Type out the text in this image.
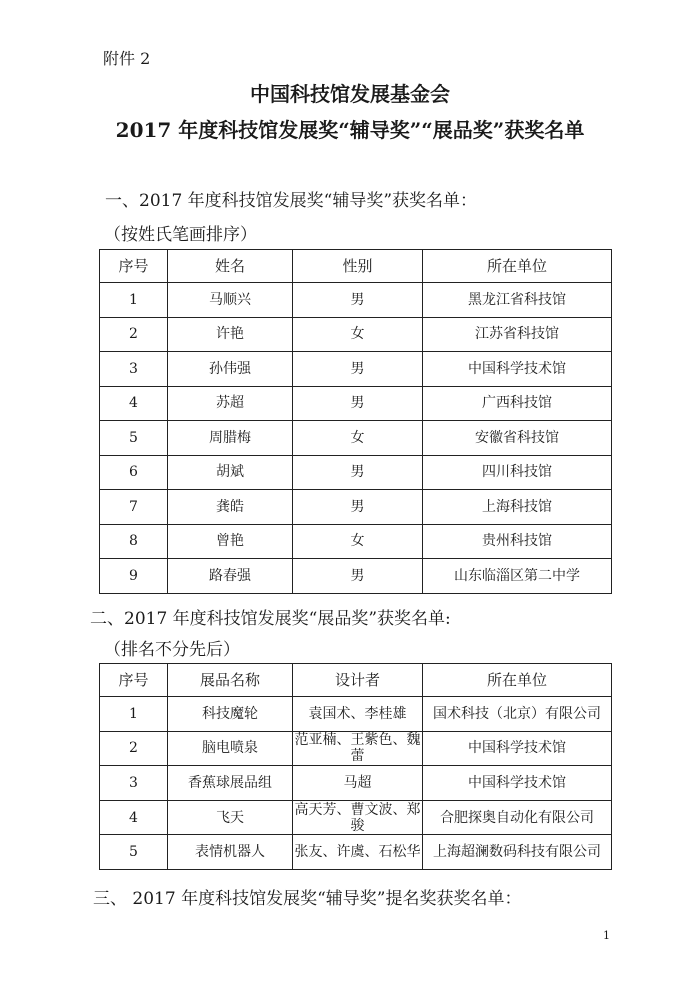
附件 2
中国科技馆发展基金会
2017 年度科技馆发展奖“辅导奖”“展品奖”获奖名单
一、2017 年度科技馆发展奖“辅导奖”获奖名单：
（按姓氏笔画排序）
序号	姓名	性别	所在单位
1	马顺兴	男	黑龙江省科技馆
2	许艳	女	江苏省科技馆
3	孙伟强	男	中国科学技术馆
4	苏超	男	广西科技馆
5	周腊梅	女	安徽省科技馆
6	胡斌	男	四川科技馆
7	龚皓	男	上海科技馆
8	曾艳	女	贵州科技馆
9	路春强	男	山东临淄区第二中学
二、2017 年度科技馆发展奖“展品奖”获奖名单:
（排名不分先后）
序号	展品名称	设计者	所在单位
1	科技魔轮	袁国术、李桂雄	国术科技（北京）有限公司
2	脑电喷泉	范亚楠、王紫色、魏蕾	中国科学技术馆
3	香蕉球展品组	马超	中国科学技术馆
4	飞天	高天芳、曹文波、郑骏	合肥探奥自动化有限公司
5	表情机器人	张友、许虞、石松华	上海超澜数码科技有限公司
三、 2017 年度科技馆发展奖“辅导奖”提名奖获奖名单：
1
